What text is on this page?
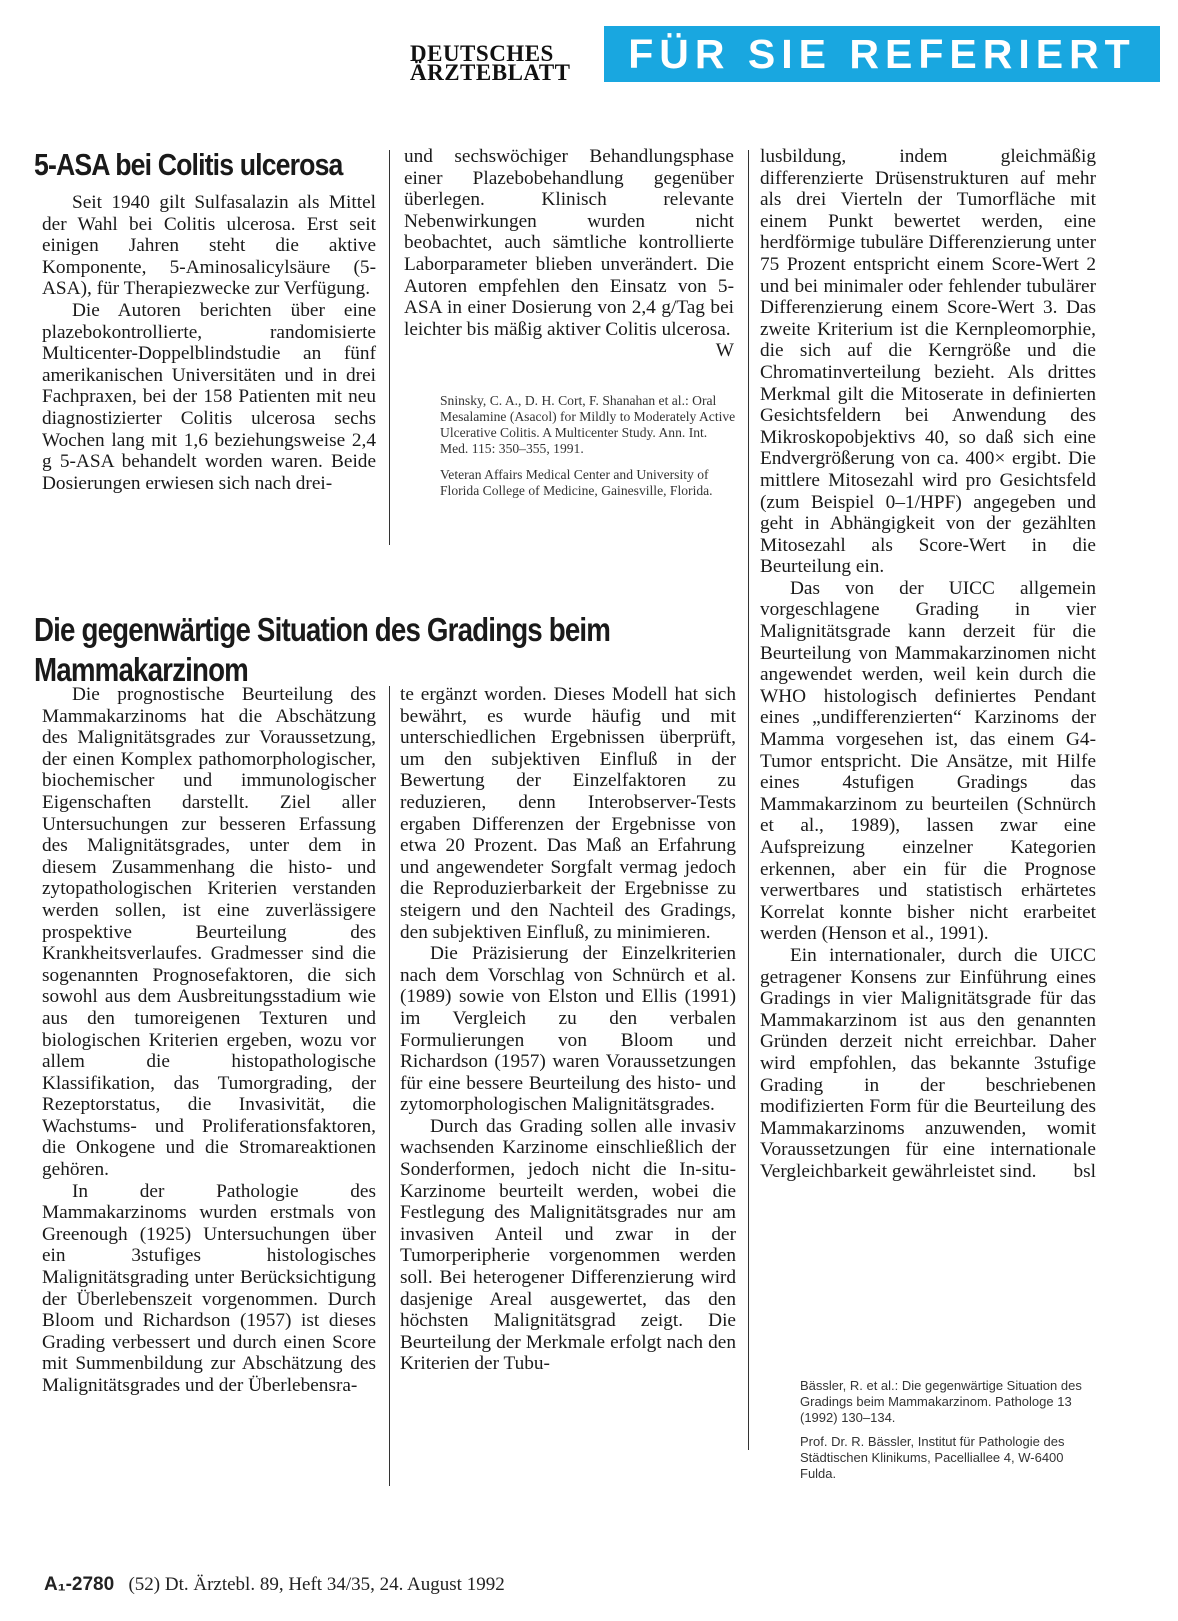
DEUTSCHES
ÄRZTEBLATT	FÜR SIE REFERIERT
5-ASA bei Colitis ulcerosa

Seit 1940 gilt Sulfasalazin als Mittel der Wahl bei Colitis ulcerosa. Erst seit einigen Jahren steht die aktive Komponente, 5-Aminosalicylsäure (5-ASA), für Therapiezwecke zur Verfügung.

Die Autoren berichten über eine plazebokontrollierte, randomisierte Multicenter-Doppelblindstudie an fünf amerikanischen Universitäten und in drei Fachpraxen, bei der 158 Patienten mit neu diagnostizierter Colitis ulcerosa sechs Wochen lang mit 1,6 beziehungsweise 2,4 g 5-ASA behandelt worden waren. Beide Dosierungen erwiesen sich nach drei-

und sechswöchiger Behandlungsphase einer Plazebobehandlung gegenüber überlegen. Klinisch relevante Nebenwirkungen wurden nicht beobachtet, auch sämtliche kontrollierte Laborparameter blieben unverändert. Die Autoren empfehlen den Einsatz von 5-ASA in einer Dosierung von 2,4 g/Tag bei leichter bis mäßig aktiver Colitis ulcerosa.
W

Sninsky, C. A., D. H. Cort, F. Shanahan et al.: Oral Mesalamine (Asacol) for Mildly to Moderately Active Ulcerative Colitis. A Multicenter Study. Ann. Int. Med. 115: 350–355, 1991.

Veteran Affairs Medical Center and University of Florida College of Medicine, Gainesville, Florida.

Die gegenwärtige Situation des Gradings beim Mammakarzinom

Die prognostische Beurteilung des Mammakarzinoms hat die Abschätzung des Malignitätsgrades zur Voraussetzung, der einen Komplex pathomorphologischer, biochemischer und immunologischer Eigenschaften darstellt. Ziel aller Untersuchungen zur besseren Erfassung des Malignitätsgrades, unter dem in diesem Zusammenhang die histo- und zytopathologischen Kriterien verstanden werden sollen, ist eine zuverlässigere prospektive Beurteilung des Krankheitsverlaufes. Gradmesser sind die sogenannten Prognosefaktoren, die sich sowohl aus dem Ausbreitungsstadium wie aus den tumoreigenen Texturen und biologischen Kriterien ergeben, wozu vor allem die histopathologische Klassifikation, das Tumorgrading, der Rezeptorstatus, die Invasivität, die Wachstums- und Proliferationsfaktoren, die Onkogene und die Stromareaktionen gehören.

In der Pathologie des Mammakarzinoms wurden erstmals von Greenough (1925) Untersuchungen über ein 3stufiges histologisches Malignitätsgrading unter Berücksichtigung der Überlebenszeit vorgenommen. Durch Bloom und Richardson (1957) ist dieses Grading verbessert und durch einen Score mit Summenbildung zur Abschätzung des Malignitätsgrades und der Überlebensra-

te ergänzt worden. Dieses Modell hat sich bewährt, es wurde häufig und mit unterschiedlichen Ergebnissen überprüft, um den subjektiven Einfluß in der Bewertung der Einzelfaktoren zu reduzieren, denn Interobserver-Tests ergaben Differenzen der Ergebnisse von etwa 20 Prozent. Das Maß an Erfahrung und angewendeter Sorgfalt vermag jedoch die Reproduzierbarkeit der Ergebnisse zu steigern und den Nachteil des Gradings, den subjektiven Einfluß, zu minimieren.

Die Präzisierung der Einzelkriterien nach dem Vorschlag von Schnürch et al. (1989) sowie von Elston und Ellis (1991) im Vergleich zu den verbalen Formulierungen von Bloom und Richardson (1957) waren Voraussetzungen für eine bessere Beurteilung des histo- und zytomorphologischen Malignitätsgrades.

Durch das Grading sollen alle invasiv wachsenden Karzinome einschließlich der Sonderformen, jedoch nicht die In-situ-Karzinome beurteilt werden, wobei die Festlegung des Malignitätsgrades nur am invasiven Anteil und zwar in der Tumorperipherie vorgenommen werden soll. Bei heterogener Differenzierung wird dasjenige Areal ausgewertet, das den höchsten Malignitätsgrad zeigt. Die Beurteilung der Merkmale erfolgt nach den Kriterien der Tubu-

lusbildung, indem gleichmäßig differenzierte Drüsenstrukturen auf mehr als drei Vierteln der Tumorfläche mit einem Punkt bewertet werden, eine herdförmige tubuläre Differenzierung unter 75 Prozent entspricht einem Score-Wert 2 und bei minimaler oder fehlender tubulärer Differenzierung einem Score-Wert 3. Das zweite Kriterium ist die Kernpleomorphie, die sich auf die Kerngröße und die Chromatinverteilung bezieht. Als drittes Merkmal gilt die Mitoserate in definierten Gesichtsfeldern bei Anwendung des Mikroskopobjektivs 40, so daß sich eine Endvergrößerung von ca. 400× ergibt. Die mittlere Mitosezahl wird pro Gesichtsfeld (zum Beispiel 0–1/HPF) angegeben und geht in Abhängigkeit von der gezählten Mitosezahl als Score-Wert in die Beurteilung ein.

Das von der UICC allgemein vorgeschlagene Grading in vier Malignitätsgrade kann derzeit für die Beurteilung von Mammakarzinomen nicht angewendet werden, weil kein durch die WHO histologisch definiertes Pendant eines „undifferenzierten“ Karzinoms der Mamma vorgesehen ist, das einem G4-Tumor entspricht. Die Ansätze, mit Hilfe eines 4stufigen Gradings das Mammakarzinom zu beurteilen (Schnürch et al., 1989), lassen zwar eine Aufspreizung einzelner Kategorien erkennen, aber ein für die Prognose verwertbares und statistisch erhärtetes Korrelat konnte bisher nicht erarbeitet werden (Henson et al., 1991).

Ein internationaler, durch die UICC getragener Konsens zur Einführung eines Gradings in vier Malignitätsgrade für das Mammakarzinom ist aus den genannten Gründen derzeit nicht erreichbar. Daher wird empfohlen, das bekannte 3stufige Grading in der beschriebenen modifizierten Form für die Beurteilung des Mammakarzinoms anzuwenden, womit Voraussetzungen für eine internationale Vergleichbarkeit gewährleistet sind.	bsl

Bässler, R. et al.: Die gegenwärtige Situation des Gradings beim Mammakarzinom. Pathologe 13 (1992) 130–134.

Prof. Dr. R. Bässler, Institut für Pathologie des Städtischen Klinikums, Pacelliallee 4, W-6400 Fulda.

A₁-2780 (52) Dt. Ärztebl. 89, Heft 34/35, 24. August 1992
